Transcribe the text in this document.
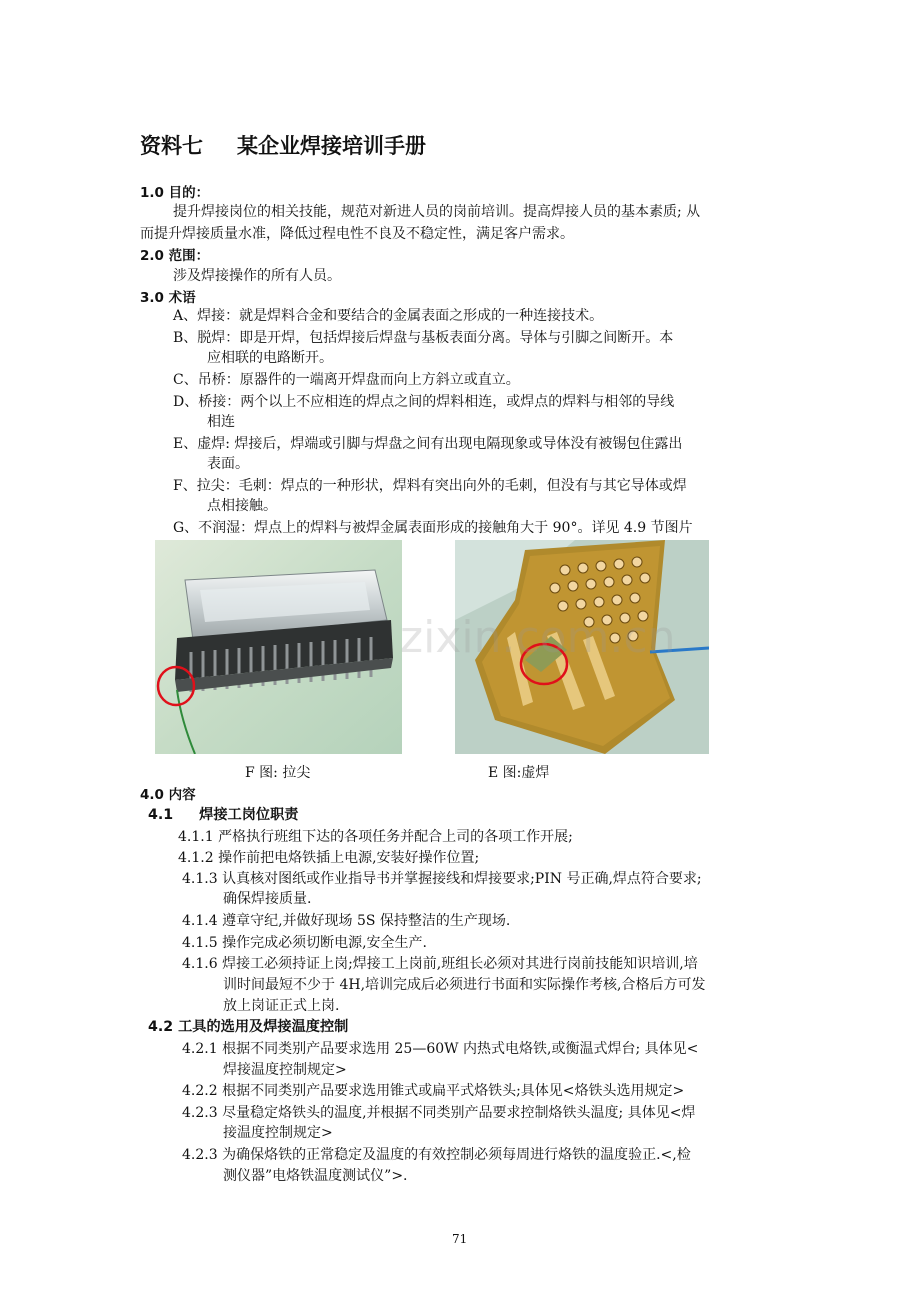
资料七 某企业焊接培训手册
1.0 目的：
提升焊接岗位的相关技能，规范对新进人员的岗前培训。提高焊接人员的基本素质; 从
而提升焊接质量水准，降低过程电性不良及不稳定性，满足客户需求。
2.0 范围：
涉及焊接操作的所有人员。
3.0 术语
A、焊接：就是焊料合金和要结合的金属表面之形成的一种连接技术。
B、脱焊：即是开焊，包括焊接后焊盘与基板表面分离。导体与引脚之间断开。本
应相联的电路断开。
C、吊桥：原器件的一端离开焊盘而向上方斜立或直立。
D、桥接：两个以上不应相连的焊点之间的焊料相连，或焊点的焊料与相邻的导线
相连
E、虚焊: 焊接后，焊端或引脚与焊盘之间有出现电隔现象或导体没有被锡包住露出
表面。
F、拉尖：毛刺：焊点的一种形状，焊料有突出向外的毛刺，但没有与其它导体或焊
点相接触。
G、不润湿：焊点上的焊料与被焊金属表面形成的接触角大于 90°。详见 4.9 节图片
zixin.com.cn
F 图: 拉尖	E 图:虚焊
4.0 内容
4.1 焊接工岗位职责
4.1.1 严格执行班组下达的各项任务并配合上司的各项工作开展;
4.1.2 操作前把电烙铁插上电源,安装好操作位置;
4.1.3 认真核对图纸或作业指导书并掌握接线和焊接要求;PIN 号正确,焊点符合要求;
确保焊接质量.
4.1.4 遵章守纪,并做好现场 5S 保持整洁的生产现场.
4.1.5 操作完成必须切断电源,安全生产.
4.1.6 焊接工必须持证上岗;焊接工上岗前,班组长必须对其进行岗前技能知识培训,培
训时间最短不少于 4H,培训完成后必须进行书面和实际操作考核,合格后方可发
放上岗证正式上岗.
4.2 工具的选用及焊接温度控制
4.2.1 根据不同类别产品要求选用 25—60W 内热式电烙铁,或衡温式焊台; 具体见<
焊接温度控制规定>
4.2.2 根据不同类别产品要求选用锥式或扁平式烙铁头;具体见<烙铁头选用规定>
4.2.3 尽量稳定烙铁头的温度,并根据不同类别产品要求控制烙铁头温度; 具体见<焊
接温度控制规定>
4.2.3 为确保烙铁的正常稳定及温度的有效控制必须每周进行烙铁的温度验正.<,检
测仪器”电烙铁温度测试仪”>.
71
